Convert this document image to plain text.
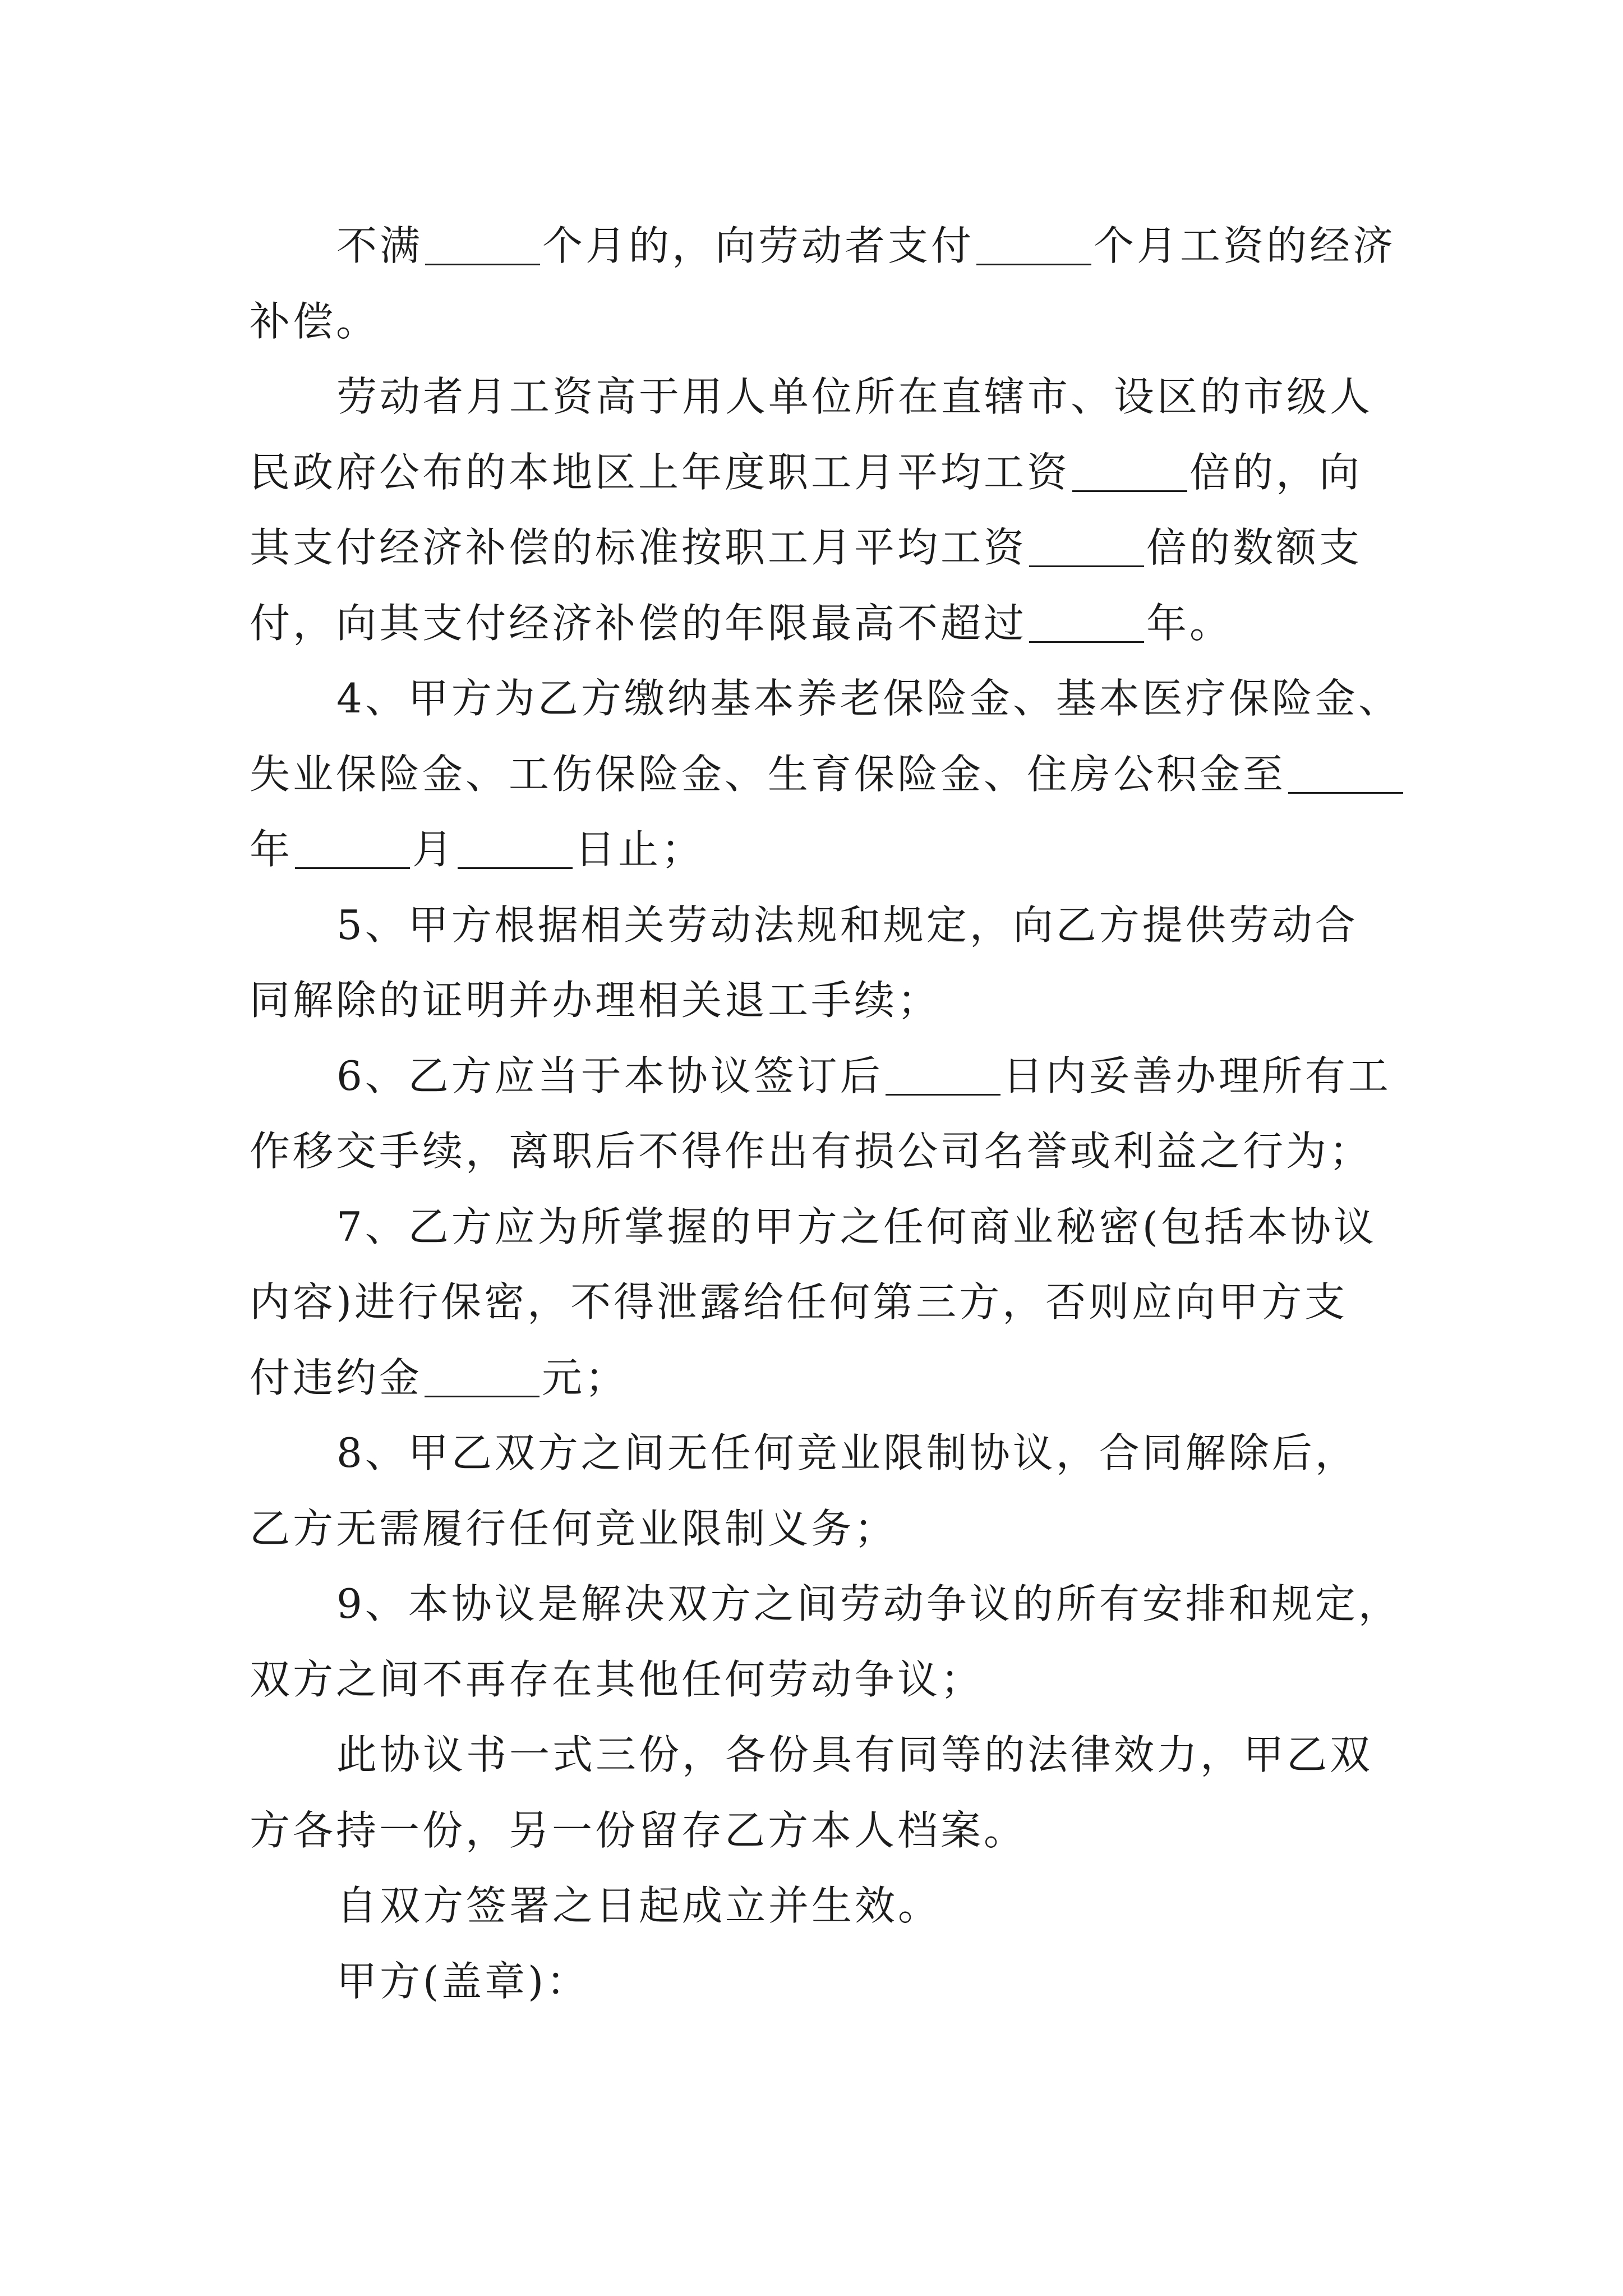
不满	个月的，向劳动者支付	个月工资的经济
补偿。
劳动者月工资高于用人单位所在直辖市、设区的市级人
民政府公布的本地区上年度职工月平均工资	倍的，向
其支付经济补偿的标准按职工月平均工资	倍的数额支
付，向其支付经济补偿的年限最高不超过	年。
4、甲方为乙方缴纳基本养老保险金、基本医疗保险金、
失业保险金、工伤保险金、生育保险金、住房公积金至
年	月	日止；
5、甲方根据相关劳动法规和规定，向乙方提供劳动合
同解除的证明并办理相关退工手续；
6、乙方应当于本协议签订后	日内妥善办理所有工
作移交手续，离职后不得作出有损公司名誉或利益之行为；
7、乙方应为所掌握的甲方之任何商业秘密(包括本协议
内容)进行保密，不得泄露给任何第三方，否则应向甲方支
付违约金	元；
8、甲乙双方之间无任何竞业限制协议，合同解除后，
乙方无需履行任何竞业限制义务；
9、本协议是解决双方之间劳动争议的所有安排和规定，
双方之间不再存在其他任何劳动争议；
此协议书一式三份，各份具有同等的法律效力，甲乙双
方各持一份，另一份留存乙方本人档案。
自双方签署之日起成立并生效。
甲方(盖章)：
